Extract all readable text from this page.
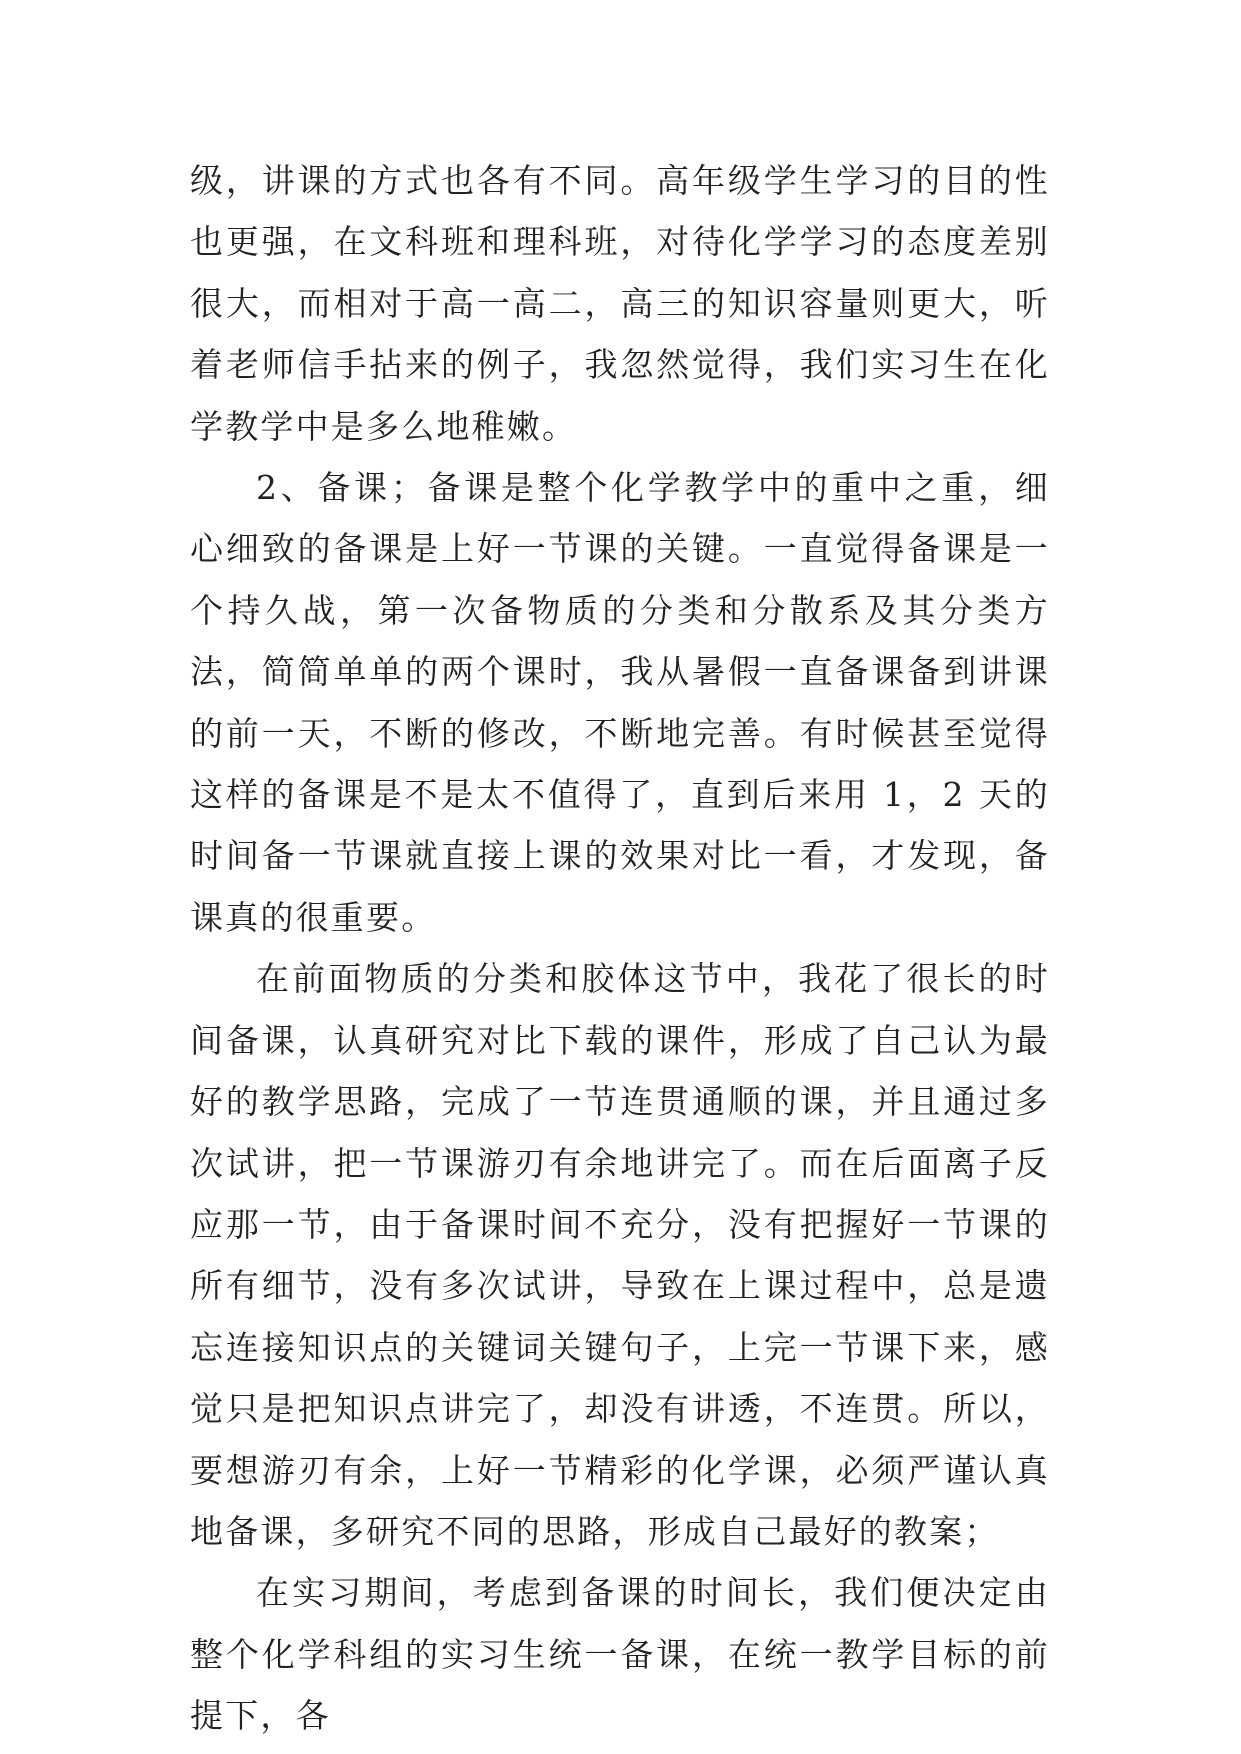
级，讲课的方式也各有不同。高年级学生学习的目的性也更强，在文科班和理科班，对待化学学习的态度差别很大，而相对于高一高二，高三的知识容量则更大，听着老师信手拈来的例子，我忽然觉得，我们实习生在化学教学中是多么地稚嫩。

2、备课；备课是整个化学教学中的重中之重，细心细致的备课是上好一节课的关键。一直觉得备课是一个持久战，第一次备物质的分类和分散系及其分类方法，简简单单的两个课时，我从暑假一直备课备到讲课的前一天，不断的修改，不断地完善。有时候甚至觉得这样的备课是不是太不值得了，直到后来用 1，2 天的时间备一节课就直接上课的效果对比一看，才发现，备课真的很重要。

在前面物质的分类和胶体这节中，我花了很长的时间备课，认真研究对比下载的课件，形成了自己认为最好的教学思路，完成了一节连贯通顺的课，并且通过多次试讲，把一节课游刃有余地讲完了。而在后面离子反应那一节，由于备课时间不充分，没有把握好一节课的所有细节，没有多次试讲，导致在上课过程中，总是遗忘连接知识点的关键词关键句子，上完一节课下来，感觉只是把知识点讲完了，却没有讲透，不连贯。所以，要想游刃有余，上好一节精彩的化学课，必须严谨认真地备课，多研究不同的思路，形成自己最好的教案；

在实习期间，考虑到备课的时间长，我们便决定由整个化学科组的实习生统一备课，在统一教学目标的前提下，各
